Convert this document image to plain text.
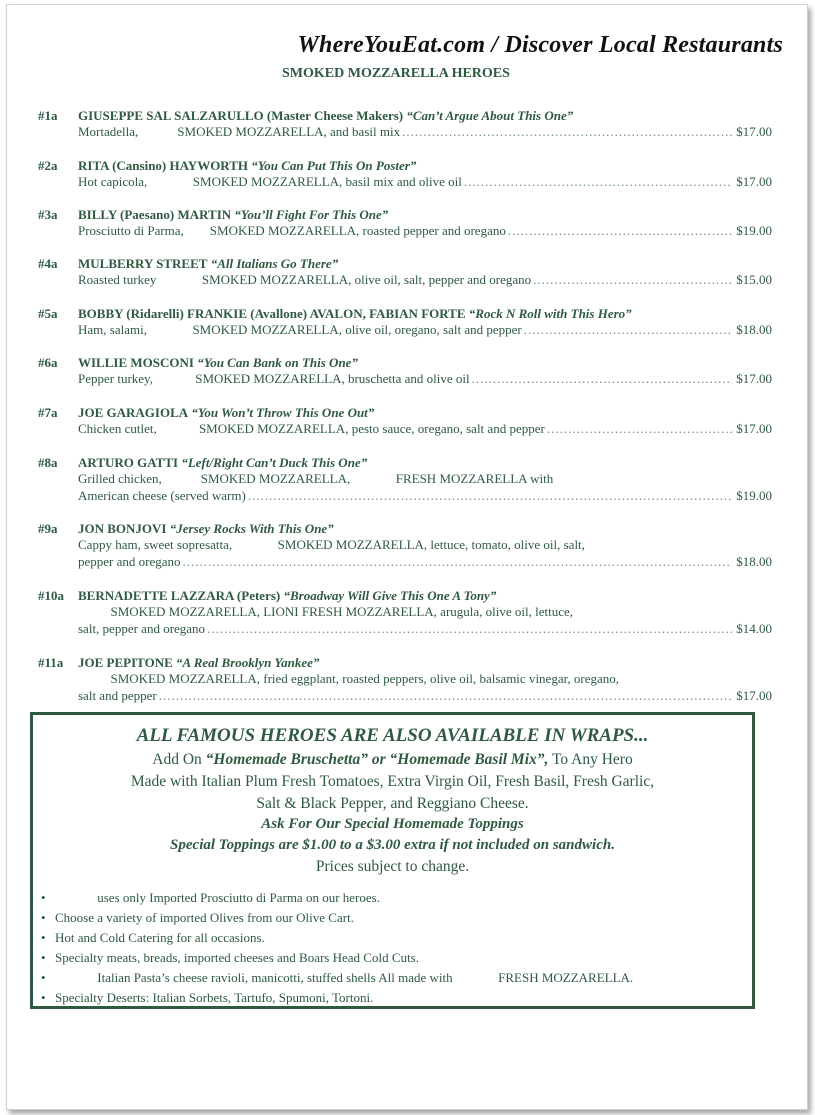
WhereYouEat.com / Discover Local Restaurants
SMOKED MOZZARELLA HEROES
#1a	GIUSEPPE SAL SALZARULLO (Master Cheese Makers) “Can’t Argue About This One”
Mortadella,            SMOKED MOZZARELLA, and basil mix .....	$17.00
#2a	RITA (Cansino) HAYWORTH “You Can Put This On Poster”
Hot capicola,              SMOKED MOZZARELLA, basil mix and olive oil .....	$17.00
#3a	BILLY (Paesano) MARTIN “You’ll Fight For This One”
Prosciutto di Parma,        SMOKED MOZZARELLA, roasted pepper and oregano .....	$19.00
#4a	MULBERRY STREET “All Italians Go There”
Roasted turkey              SMOKED MOZZARELLA, olive oil, salt, pepper and oregano .....	$15.00
#5a	BOBBY (Ridarelli) FRANKIE (Avallone) AVALON, FABIAN FORTE “Rock N Roll with This Hero”
Ham, salami,              SMOKED MOZZARELLA, olive oil, oregano, salt and pepper .....	$18.00
#6a	WILLIE MOSCONI “You Can Bank on This One”
Pepper turkey,             SMOKED MOZZARELLA, bruschetta and olive oil .....	$17.00
#7a	JOE GARAGIOLA “You Won’t Throw This One Out”
Chicken cutlet,             SMOKED MOZZARELLA, pesto sauce, oregano, salt and pepper .....	$17.00
#8a	ARTURO GATTI “Left/Right Can’t Duck This One”
Grilled chicken,            SMOKED MOZZARELLA,              FRESH MOZZARELLA with
American cheese (served warm) .....	$19.00
#9a	JON BONJOVI “Jersey Rocks With This One”
Cappy ham, sweet sopresatta,              SMOKED MOZZARELLA, lettuce, tomato, olive oil, salt,
pepper and oregano .....	$18.00
#10a	BERNADETTE LAZZARA (Peters) “Broadway Will Give This One A Tony”
SMOKED MOZZARELLA, LIONI FRESH MOZZARELLA, arugula, olive oil, lettuce,
salt, pepper and oregano .....	$14.00
#11a	JOE PEPITONE “A Real Brooklyn Yankee”
SMOKED MOZZARELLA, fried eggplant, roasted peppers, olive oil, balsamic vinegar, oregano,
salt and pepper .....	$17.00
ALL FAMOUS HEROES ARE ALSO AVAILABLE IN WRAPS...
Add On “Homemade Bruschetta” or “Homemade Basil Mix”, To Any Hero
Made with Italian Plum Fresh Tomatoes, Extra Virgin Oil, Fresh Basil, Fresh Garlic,
Salt & Black Pepper, and Reggiano Cheese.
Ask For Our Special Homemade Toppings
Special Toppings are $1.00 to a $3.00 extra if not included on sandwich.
Prices subject to change.
•              uses only Imported Prosciutto di Parma on our heroes.
• Choose a variety of imported Olives from our Olive Cart.
• Hot and Cold Catering for all occasions.
• Specialty meats, breads, imported cheeses and Boars Head Cold Cuts.
•              Italian Pasta’s cheese ravioli, manicotti, stuffed shells All made with              FRESH MOZZARELLA.
• Specialty Deserts: Italian Sorbets, Tartufo, Spumoni, Tortoni.
